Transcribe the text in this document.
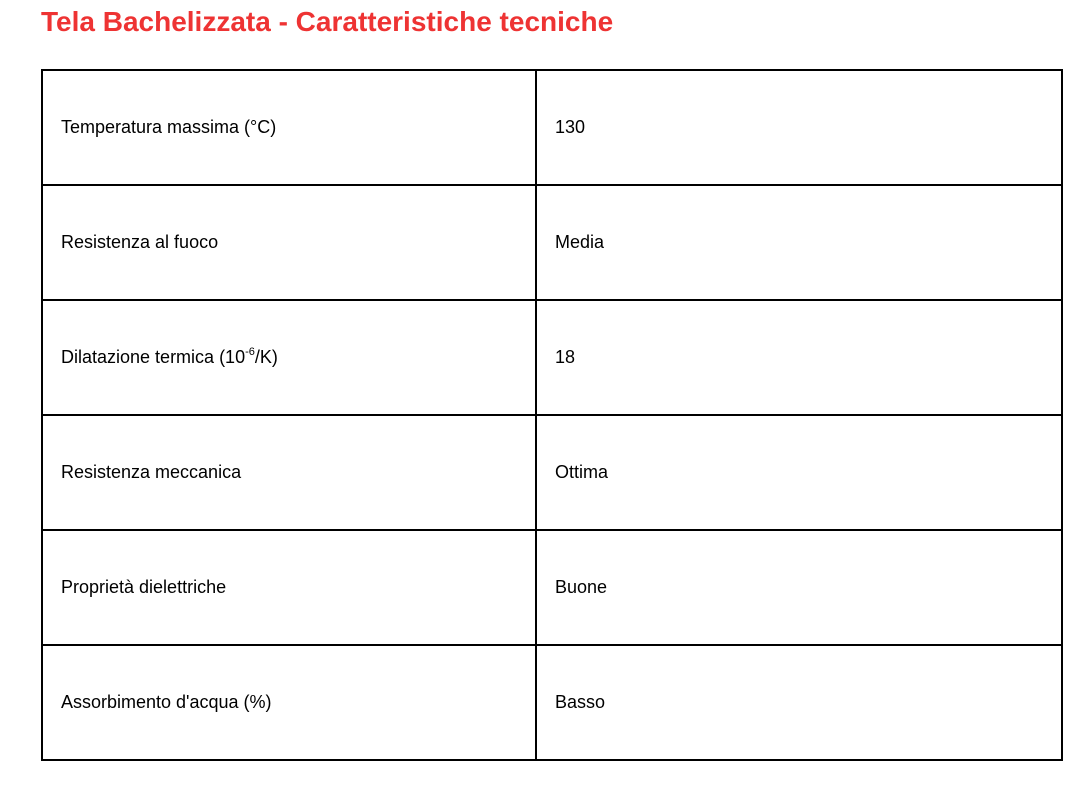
Tela Bachelizzata - Caratteristiche tecniche
Temperatura massima (°C)	130
Resistenza al fuoco	Media
Dilatazione termica $(10^{-6}/K)$	18
Resistenza meccanica	Ottima
Proprietà dielettriche	Buone
Assorbimento d'acqua (%)	Basso
